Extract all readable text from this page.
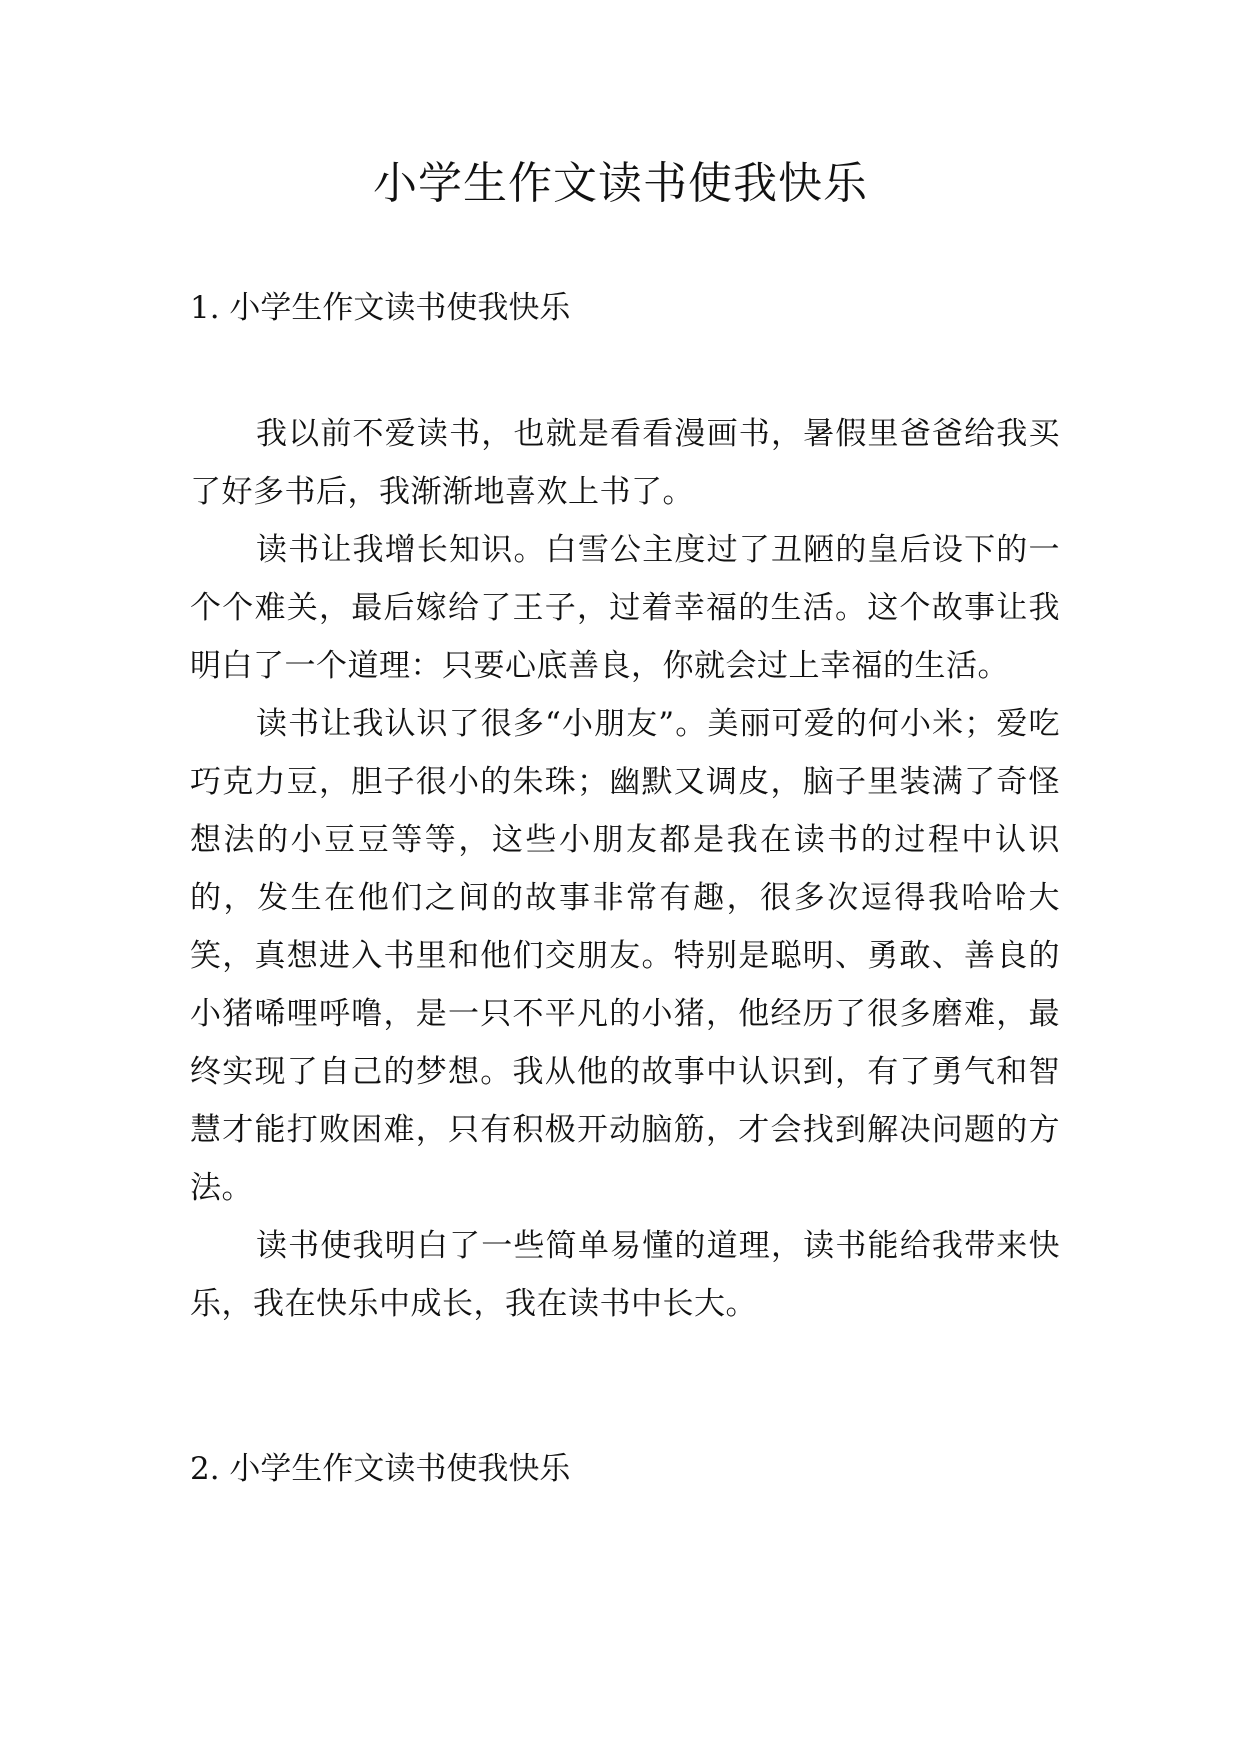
小学生作文读书使我快乐
1. 小学生作文读书使我快乐

我以前不爱读书，也就是看看漫画书，暑假里爸爸给我买了好多书后，我渐渐地喜欢上书了。

读书让我增长知识。白雪公主度过了丑陋的皇后设下的一个个难关，最后嫁给了王子，过着幸福的生活。这个故事让我明白了一个道理：只要心底善良，你就会过上幸福的生活。

读书让我认识了很多“小朋友”。美丽可爱的何小米；爱吃巧克力豆，胆子很小的朱珠；幽默又调皮，脑子里装满了奇怪想法的小豆豆等等，这些小朋友都是我在读书的过程中认识的，发生在他们之间的故事非常有趣，很多次逗得我哈哈大笑，真想进入书里和他们交朋友。特别是聪明、勇敢、善良的小猪唏哩呼噜，是一只不平凡的小猪，他经历了很多磨难，最终实现了自己的梦想。我从他的故事中认识到，有了勇气和智慧才能打败困难，只有积极开动脑筋，才会找到解决问题的方法。

读书使我明白了一些简单易懂的道理，读书能给我带来快乐，我在快乐中成长，我在读书中长大。

2. 小学生作文读书使我快乐
